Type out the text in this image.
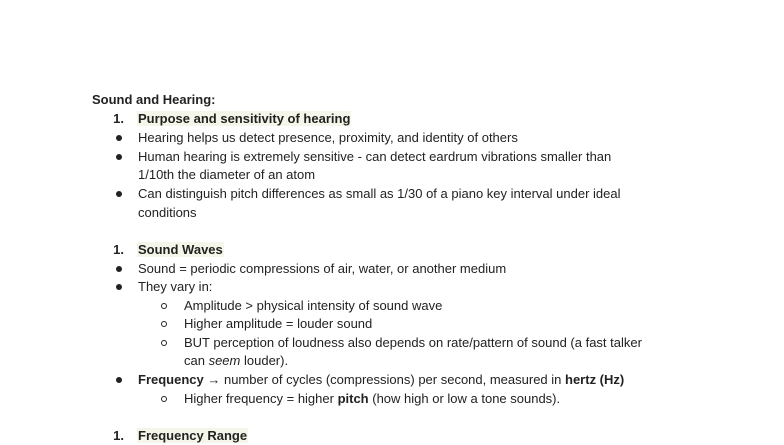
Sound and Hearing:
1. Purpose and sensitivity of hearing
Hearing helps us detect presence, proximity, and identity of others
Human hearing is extremely sensitive - can detect eardrum vibrations smaller than
1/10th the diameter of an atom
Can distinguish pitch differences as small as 1/30 of a piano key interval under ideal
conditions
1. Sound Waves
Sound = periodic compressions of air, water, or another medium
They vary in:
Amplitude > physical intensity of sound wave
Higher amplitude = louder sound
BUT perception of loudness also depends on rate/pattern of sound (a fast talker
can seem louder).
Frequency → number of cycles (compressions) per second, measured in hertz (Hz)
Higher frequency = higher pitch (how high or low a tone sounds).
1. Frequency Range
